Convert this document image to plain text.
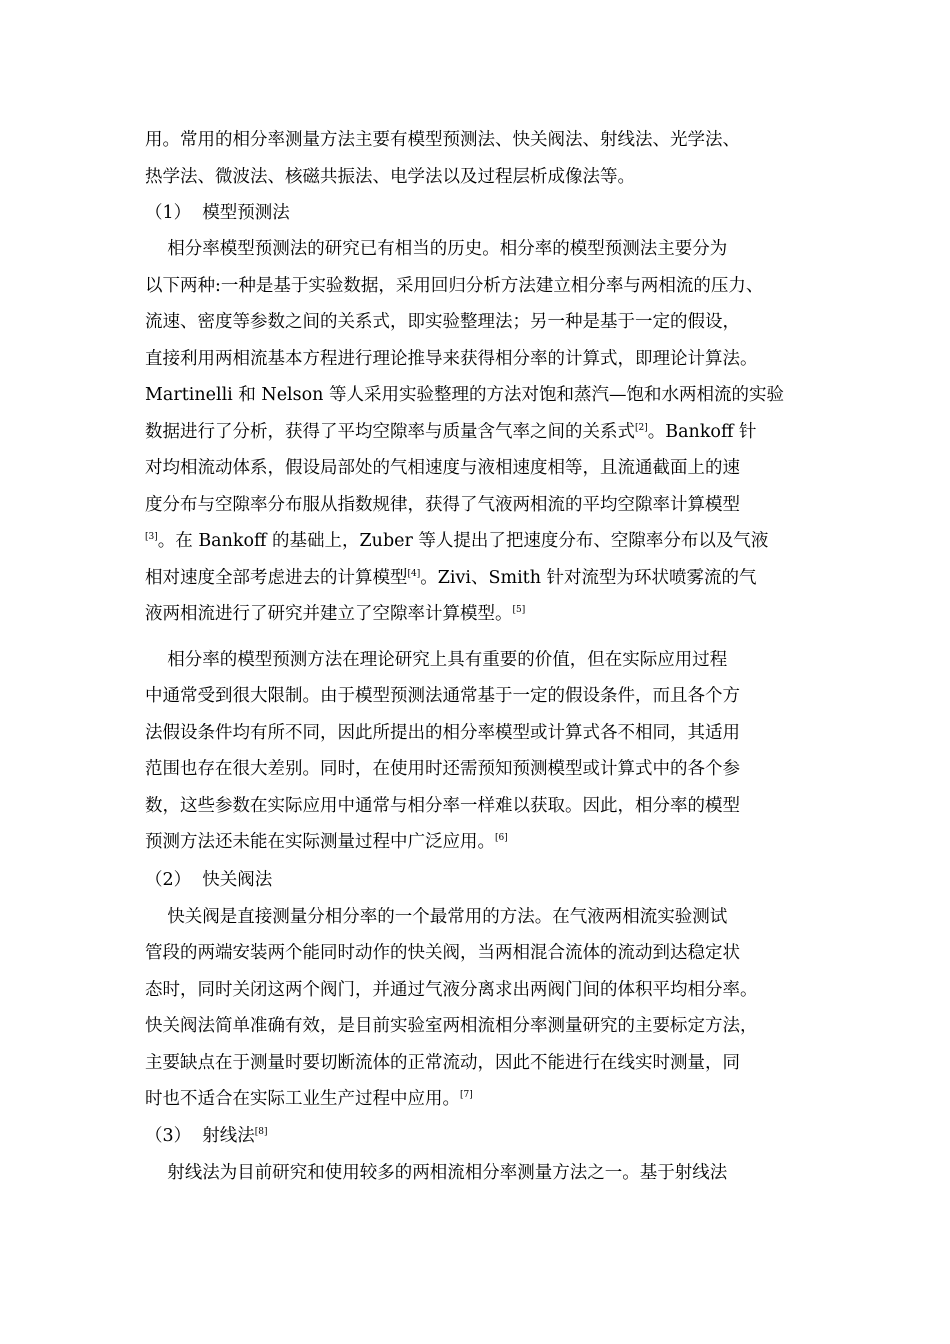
用。常用的相分率测量方法主要有模型预测法、快关阀法、射线法、光学法、
热学法、微波法、核磁共振法、电学法以及过程层析成像法等。
（1）  模型预测法
相分率模型预测法的研究已有相当的历史。相分率的模型预测法主要分为
以下两种:一种是基于实验数据，采用回归分析方法建立相分率与两相流的压力、
流速、密度等参数之间的关系式，即实验整理法；另一种是基于一定的假设，
直接利用两相流基本方程进行理论推导来获得相分率的计算式，即理论计算法。
Martinelli 和 Nelson 等人采用实验整理的方法对饱和蒸汽—饱和水两相流的实验
数据进行了分析，获得了平均空隙率与质量含气率之间的关系式[2]。Bankoff 针
对均相流动体系，假设局部处的气相速度与液相速度相等，且流通截面上的速
度分布与空隙率分布服从指数规律，获得了气液两相流的平均空隙率计算模型
[3]。在 Bankoff 的基础上，Zuber 等人提出了把速度分布、空隙率分布以及气液
相对速度全部考虑进去的计算模型[4]。Zivi、Smith 针对流型为环状喷雾流的气
液两相流进行了研究并建立了空隙率计算模型。[5]
相分率的模型预测方法在理论研究上具有重要的价值，但在实际应用过程
中通常受到很大限制。由于模型预测法通常基于一定的假设条件，而且各个方
法假设条件均有所不同，因此所提出的相分率模型或计算式各不相同，其适用
范围也存在很大差别。同时，在使用时还需预知预测模型或计算式中的各个参
数，这些参数在实际应用中通常与相分率一样难以获取。因此，相分率的模型
预测方法还未能在实际测量过程中广泛应用。[6]
（2）  快关阀法
快关阀是直接测量分相分率的一个最常用的方法。在气液两相流实验测试
管段的两端安装两个能同时动作的快关阀，当两相混合流体的流动到达稳定状
态时，同时关闭这两个阀门，并通过气液分离求出两阀门间的体积平均相分率。
快关阀法简单准确有效，是目前实验室两相流相分率测量研究的主要标定方法，
主要缺点在于测量时要切断流体的正常流动，因此不能进行在线实时测量，同
时也不适合在实际工业生产过程中应用。[7]
（3）  射线法[8]
射线法为目前研究和使用较多的两相流相分率测量方法之一。基于射线法
